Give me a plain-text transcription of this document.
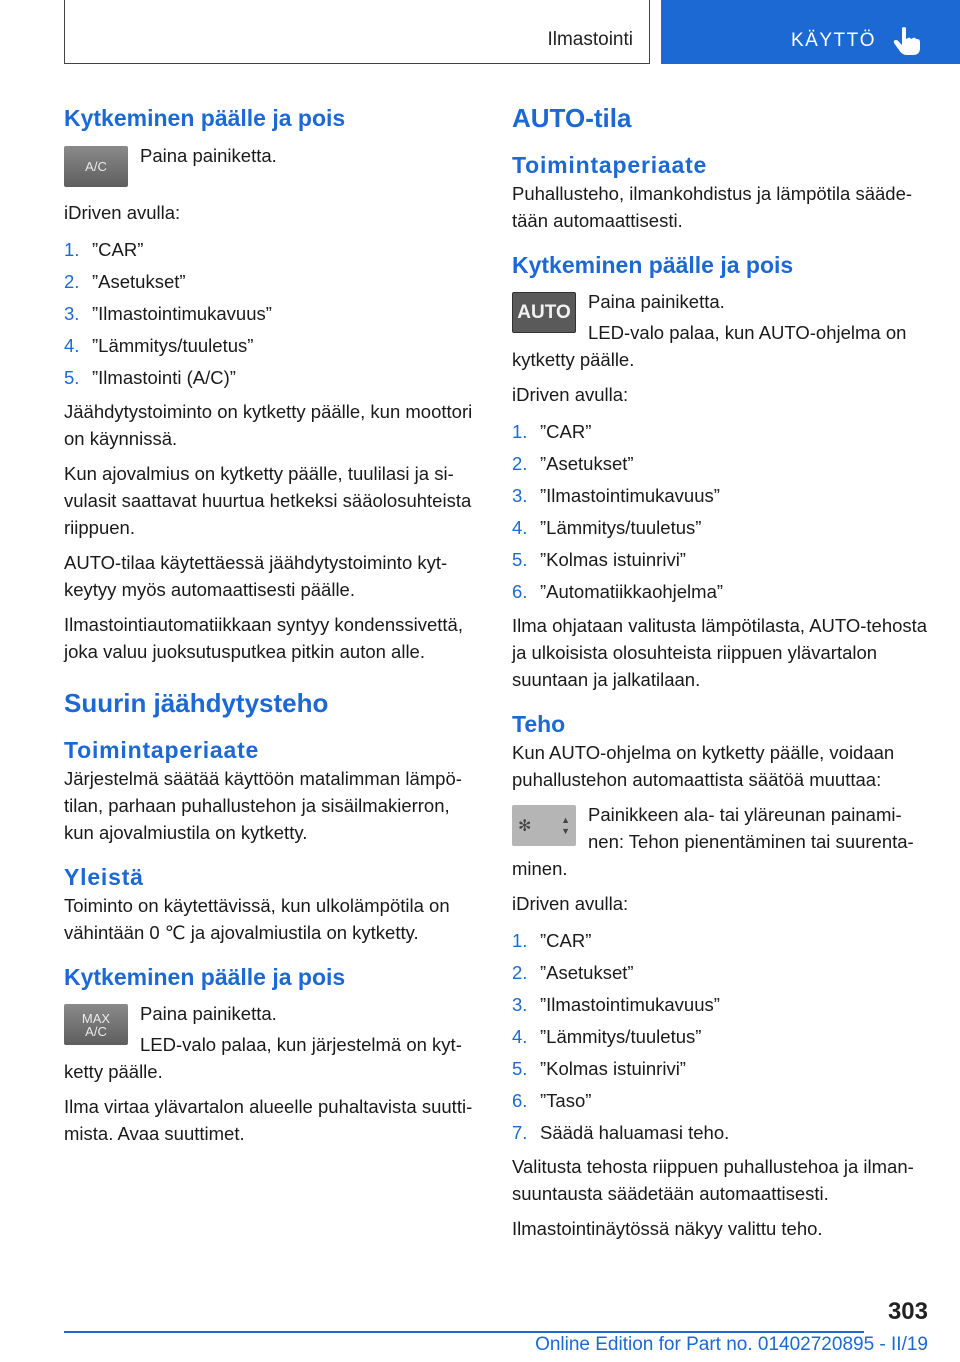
Ilmastointi	KÄYTTÖ
Kytkeminen päälle ja pois
A/C

Paina painiketta.

iDriven avulla:

1. ”CAR”
2. ”Asetukset”
3. ”Ilmastointimukavuus”
4. ”Lämmitys/tuuletus”
5. ”Ilmastointi (A/C)”

Jäähdytystoiminto on kytketty päälle, kun moottori on käynnissä.

Kun ajovalmius on kytketty päälle, tuulilasi ja sivulasit saattavat huurtua hetkeksi sääolosuhteista riippuen.

AUTO-tilaa käytettäessä jäähdytystoiminto kytkeytyy myös automaattisesti päälle.

Ilmastointiautomatiikkaan syntyy kondenssivettä, joka valuu juoksutusputkea pitkin auton alle.

Suurin jäähdytysteho
Toimintaperiaate

Järjestelmä säätää käyttöön matalimman lämpötilan, parhaan puhallustehon ja sisäilmakierron, kun ajovalmiustila on kytketty.

Yleistä

Toiminto on käytettävissä, kun ulkolämpötila on vähintään 0 ℃ ja ajovalmiustila on kytketty.

Kytkeminen päälle ja pois
MAX
A/C

Paina painiketta.

LED-valo palaa, kun järjestelmä on kytketty päälle.

Ilma virtaa ylävartalon alueelle puhaltavista suuttimista. Avaa suuttimet.

AUTO-tila
Toimintaperiaate

Puhallusteho, ilmankohdistus ja lämpötila säädetään automaattisesti.

Kytkeminen päälle ja pois
AUTO Paina painiketta.

LED-valo palaa, kun AUTO-ohjelma on kytketty päälle.

iDriven avulla:

1. ”CAR”
2. ”Asetukset”
3. ”Ilmastointimukavuus”
4. ”Lämmitys/tuuletus”
5. ”Kolmas istuinrivi”
6. ”Automatiikkaohjelma”

Ilma ohjataan valitusta lämpötilasta, AUTO-tehosta ja ulkoisista olosuhteista riippuen ylävartalon suuntaan ja jalkatilaan.

Teho

Kun AUTO-ohjelma on kytketty päälle, voidaan puhallustehon automaattista säätöä muuttaa:

✻	▲
▼

Painikkeen ala- tai yläreunan painaminen: Tehon pienentäminen tai suurentaminen.

iDriven avulla:

1. ”CAR”
2. ”Asetukset”
3. ”Ilmastointimukavuus”
4. ”Lämmitys/tuuletus”
5. ”Kolmas istuinrivi”
6. ”Taso”
7. Säädä haluamasi teho.

Valitusta tehosta riippuen puhallustehoa ja ilmansuuntausta säädetään automaattisesti.

Ilmastointinäytössä näkyy valittu teho.

303
Online Edition for Part no. 01402720895 - II/19
